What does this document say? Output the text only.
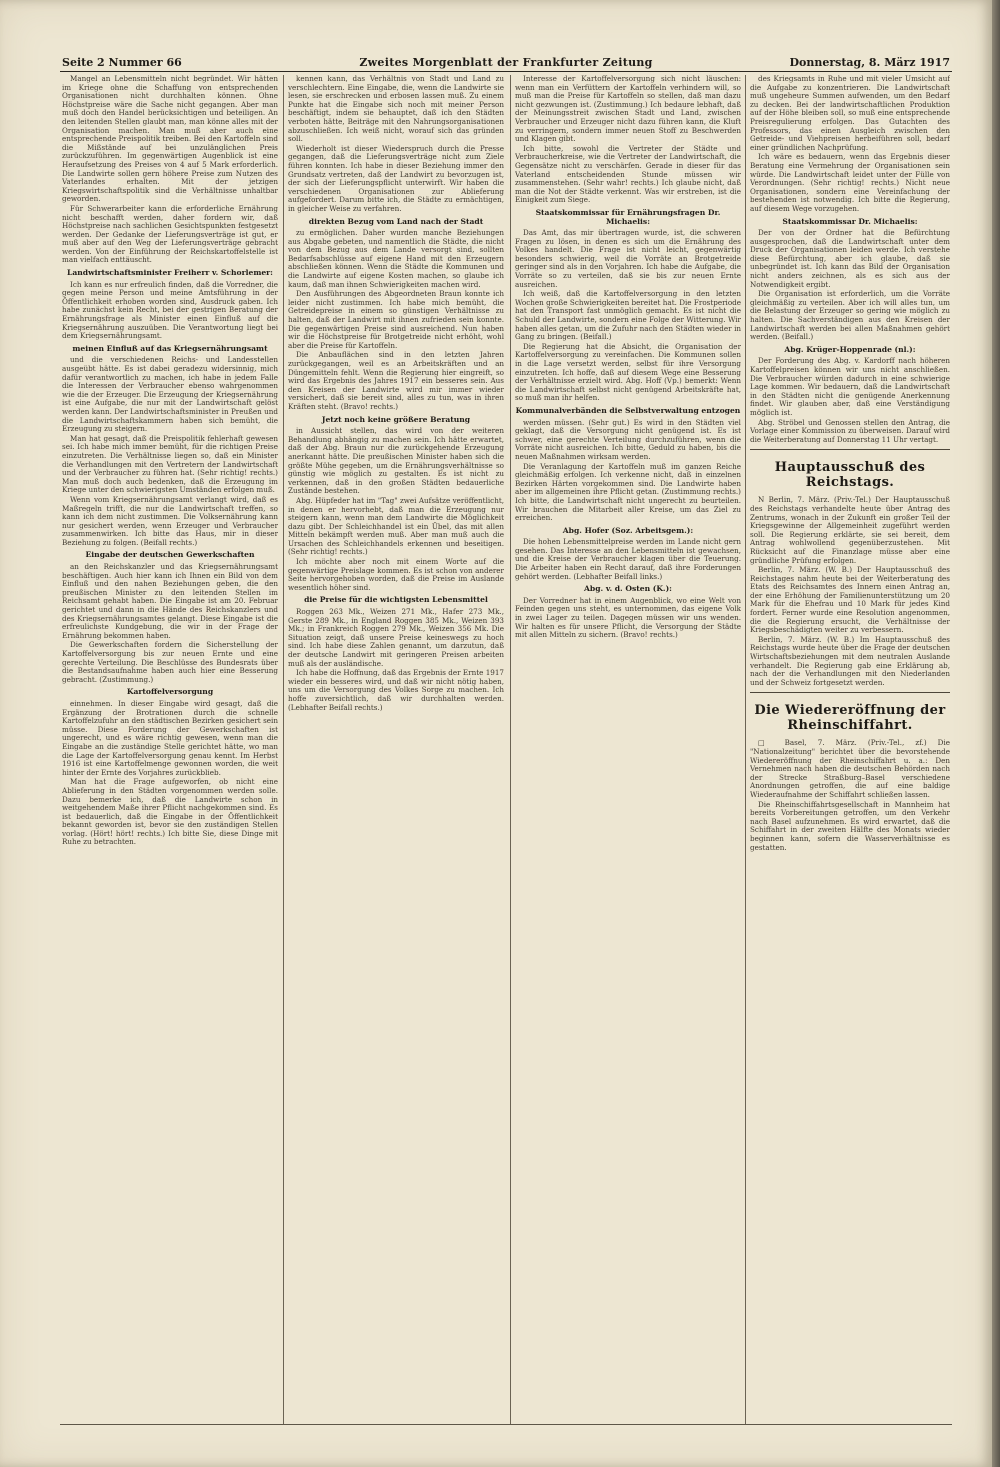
Seite 2 Nummer 66	Zweites Morgenblatt der Frankfurter Zeitung	Donnerstag, 8. März 1917
Mangel an Lebensmitteln nicht begründet. Wir hätten im Kriege ohne die Schaffung von entsprechenden Organisationen nicht durchhalten können. Ohne Höchstpreise wäre die Sache nicht gegangen. Aber man muß doch den Handel berücksichtigen und beteiligen. An den leitenden Stellen glaubt man, man könne alles mit der Organisation machen. Man muß aber auch eine entsprechende Preispolitik treiben. Bei den Kartoffeln sind die Mißstände auf bei unzulänglichen Preis zurückzuführen. Im gegenwärtigen Augenblick ist eine Heraufsetzung des Preises von 4 auf 5 Mark erforderlich. Die Landwirte sollen gern höhere Preise zum Nutzen des Vaterlandes erhalten. Mit der jetzigen Kriegswirtschaftspolitik sind die Verhältnisse unhaltbar geworden.
Für Schwerarbeiter kann die erforderliche Ernährung nicht beschafft werden, daher fordern wir, daß Höchstpreise nach sachlichen Gesichtspunkten festgesetzt werden. Der Gedanke der Lieferungsverträge ist gut, er muß aber auf den Weg der Lieferungsverträge gebracht werden. Von der Einführung der Reichskartoffelstelle ist man vielfach enttäuscht.
Landwirtschaftsminister Freiherr v. Schorlemer:
Ich kann es nur erfreulich finden, daß die Vorredner, die gegen meine Person und meine Amtsführung in der Öffentlichkeit erhoben worden sind, Ausdruck gaben. Ich habe zunächst kein Recht, bei der gestrigen Beratung der Ernährungsfrage als Minister einen Einfluß auf die Kriegsernährung auszuüben. Die Verantwortung liegt bei dem Kriegsernährungsamt.
meinen Einfluß auf das Kriegsernährungsamt
und die verschiedenen Reichs- und Landesstellen ausgeübt hätte. Es ist dabei geradezu widersinnig, mich dafür verantwortlich zu machen, ich habe in jedem Falle die Interessen der Verbraucher ebenso wahrgenommen wie die der Erzeuger. Die Erzeugung der Kriegsernährung ist eine Aufgabe, die nur mit der Landwirtschaft gelöst werden kann. Der Landwirtschaftsminister in Preußen und die Landwirtschaftskammern haben sich bemüht, die Erzeugung zu steigern.
Man hat gesagt, daß die Preispolitik fehlerhaft gewesen sei. Ich habe mich immer bemüht, für die richtigen Preise einzutreten. Die Verhältnisse liegen so, daß ein Minister die Verhandlungen mit den Vertretern der Landwirtschaft und der Verbraucher zu führen hat. (Sehr richtig! rechts.) Man muß doch auch bedenken, daß die Erzeugung im Kriege unter den schwierigsten Umständen erfolgen muß.
Wenn vom Kriegsernährungsamt verlangt wird, daß es Maßregeln trifft, die nur die Landwirtschaft treffen, so kann ich dem nicht zustimmen. Die Volksernährung kann nur gesichert werden, wenn Erzeuger und Verbraucher zusammenwirken. Ich bitte das Haus, mir in dieser Beziehung zu folgen. (Beifall rechts.)
Eingabe der deutschen Gewerkschaften
an den Reichskanzler und das Kriegsernährungsamt beschäftigen. Auch hier kann ich Ihnen ein Bild von dem Einfluß und den nahen Beziehungen geben, die den preußischen Minister zu den leitenden Stellen im Reichsamt gehabt haben. Die Eingabe ist am 20. Februar gerichtet und dann in die Hände des Reichskanzlers und des Kriegsernährungsamtes gelangt. Diese Eingabe ist die erfreulichste Kundgebung, die wir in der Frage der Ernährung bekommen haben.
Die Gewerkschaften fordern die Sicherstellung der Kartoffelversorgung bis zur neuen Ernte und eine gerechte Verteilung. Die Beschlüsse des Bundesrats über die Bestandsaufnahme haben auch hier eine Besserung gebracht. (Zustimmung.)
Kartoffelversorgung
einnehmen. In dieser Eingabe wird gesagt, daß die Ergänzung der Brotrationen durch die schnelle Kartoffelzufuhr an den städtischen Bezirken gesichert sein müsse. Diese Forderung der Gewerkschaften ist ungerecht, und es wäre richtig gewesen, wenn man die Eingabe an die zuständige Stelle gerichtet hätte, wo man die Lage der Kartoffelversorgung genau kennt. Im Herbst 1916 ist eine Kartoffelmenge gewonnen worden, die weit hinter der Ernte des Vorjahres zurückblieb.
Man hat die Frage aufgeworfen, ob nicht eine Ablieferung in den Städten vorgenommen werden solle. Dazu bemerke ich, daß die Landwirte schon in weitgehendem Maße ihrer Pflicht nachgekommen sind. Es ist bedauerlich, daß die Eingabe in der Öffentlichkeit bekannt geworden ist, bevor sie den zuständigen Stellen vorlag. (Hört! hört! rechts.) Ich bitte Sie, diese Dinge mit Ruhe zu betrachten.
kennen kann, das Verhältnis von Stadt und Land zu verschlechtern. Eine Eingabe, die, wenn die Landwirte sie lesen, sie erschrecken und erbosen lassen muß. Zu einem Punkte hat die Eingabe sich noch mit meiner Person beschäftigt, indem sie behauptet, daß ich den Städten verboten hätte, Beiträge mit den Nahrungsorganisationen abzuschließen. Ich weiß nicht, worauf sich das gründen soll.
Wiederholt ist dieser Wiederspruch durch die Presse gegangen, daß die Lieferungsverträge nicht zum Ziele führen konnten. Ich habe in dieser Beziehung immer den Grundsatz vertreten, daß der Landwirt zu bevorzugen ist, der sich der Lieferungspflicht unterwirft. Wir haben die verschiedenen Organisationen zur Ablieferung aufgefordert. Darum bitte ich, die Städte zu ermächtigen, in gleicher Weise zu verfahren.
direkten Bezug vom Land nach der Stadt
zu ermöglichen. Daher wurden manche Beziehungen aus Abgabe gebeten, und namentlich die Städte, die nicht von dem Bezug aus dem Lande versorgt sind, sollten Bedarfsabschlüsse auf eigene Hand mit den Erzeugern abschließen können. Wenn die Städte die Kommunen und die Landwirte auf eigene Kosten machen, so glaube ich kaum, daß man ihnen Schwierigkeiten machen wird.
Den Ausführungen des Abgeordneten Braun konnte ich leider nicht zustimmen. Ich habe mich bemüht, die Getreidepreise in einem so günstigen Verhältnisse zu halten, daß der Landwirt mit ihnen zufrieden sein konnte. Die gegenwärtigen Preise sind ausreichend. Nun haben wir die Höchstpreise für Brotgetreide nicht erhöht, wohl aber die Preise für Kartoffeln.
Die Anbauflächen sind in den letzten Jahren zurückgegangen, weil es an Arbeitskräften und an Düngemitteln fehlt. Wenn die Regierung hier eingreift, so wird das Ergebnis des Jahres 1917 ein besseres sein. Aus den Kreisen der Landwirte wird mir immer wieder versichert, daß sie bereit sind, alles zu tun, was in ihren Kräften steht. (Bravo! rechts.)
Jetzt noch keine größere Beratung
in Aussicht stellen, das wird von der weiteren Behandlung abhängig zu machen sein. Ich hätte erwartet, daß der Abg. Braun nur die zurückgehende Erzeugung anerkannt hätte. Die preußischen Minister haben sich die größte Mühe gegeben, um die Ernährungsverhältnisse so günstig wie möglich zu gestalten. Es ist nicht zu verkennen, daß in den großen Städten bedauerliche Zustände bestehen.
Abg. Hüpfeder hat im "Tag" zwei Aufsätze veröffentlicht, in denen er hervorhebt, daß man die Erzeugung nur steigern kann, wenn man dem Landwirte die Möglichkeit dazu gibt. Der Schleichhandel ist ein Übel, das mit allen Mitteln bekämpft werden muß. Aber man muß auch die Ursachen des Schleichhandels erkennen und beseitigen. (Sehr richtig! rechts.)
Ich möchte aber noch mit einem Worte auf die gegenwärtige Preislage kommen. Es ist schon von anderer Seite hervorgehoben worden, daß die Preise im Auslande wesentlich höher sind.
die Preise für die wichtigsten Lebensmittel
Roggen 263 Mk., Weizen 271 Mk., Hafer 273 Mk., Gerste 289 Mk., in England Roggen 385 Mk., Weizen 393 Mk.; in Frankreich Roggen 279 Mk., Weizen 356 Mk. Die Situation zeigt, daß unsere Preise keineswegs zu hoch sind. Ich habe diese Zahlen genannt, um darzutun, daß der deutsche Landwirt mit geringeren Preisen arbeiten muß als der ausländische.
Ich habe die Hoffnung, daß das Ergebnis der Ernte 1917 wieder ein besseres wird, und daß wir nicht nötig haben, uns um die Versorgung des Volkes Sorge zu machen. Ich hoffe zuversichtlich, daß wir durchhalten werden. (Lebhafter Beifall rechts.)
Interesse der Kartoffelversorgung sich nicht läuschen: wenn man ein Verfüttern der Kartoffeln verhindern will, so muß man die Preise für Kartoffeln so stellen, daß man dazu nicht gezwungen ist. (Zustimmung.) Ich bedaure lebhaft, daß der Meinungsstreit zwischen Stadt und Land, zwischen Verbraucher und Erzeuger nicht dazu führen kann, die Kluft zu verringern, sondern immer neuen Stoff zu Beschwerden und Klagen gibt.
Ich bitte, sowohl die Vertreter der Städte und Verbraucherkreise, wie die Vertreter der Landwirtschaft, die Gegensätze nicht zu verschärfen. Gerade in dieser für das Vaterland entscheidenden Stunde müssen wir zusammenstehen. (Sehr wahr! rechts.) Ich glaube nicht, daß man die Not der Städte verkennt. Was wir erstreben, ist die Einigkeit zum Siege.
Staatskommissar für Ernährungsfragen Dr. Michaelis:
Das Amt, das mir übertragen wurde, ist, die schweren Fragen zu lösen, in denen es sich um die Ernährung des Volkes handelt. Die Frage ist nicht leicht, gegenwärtig besonders schwierig, weil die Vorräte an Brotgetreide geringer sind als in den Vorjahren. Ich habe die Aufgabe, die Vorräte so zu verteilen, daß sie bis zur neuen Ernte ausreichen.
Ich weiß, daß die Kartoffelversorgung in den letzten Wochen große Schwierigkeiten bereitet hat. Die Frostperiode hat den Transport fast unmöglich gemacht. Es ist nicht die Schuld der Landwirte, sondern eine Folge der Witterung. Wir haben alles getan, um die Zufuhr nach den Städten wieder in Gang zu bringen. (Beifall.)
Die Regierung hat die Absicht, die Organisation der Kartoffelversorgung zu vereinfachen. Die Kommunen sollen in die Lage versetzt werden, selbst für ihre Versorgung einzutreten. Ich hoffe, daß auf diesem Wege eine Besserung der Verhältnisse erzielt wird. Abg. Hoff (Vp.) bemerkt: Wenn die Landwirtschaft selbst nicht genügend Arbeitskräfte hat, so muß man ihr helfen.
Kommunalverbänden die Selbstverwaltung entzogen
werden müssen. (Sehr gut.) Es wird in den Städten viel geklagt, daß die Versorgung nicht genügend ist. Es ist schwer, eine gerechte Verteilung durchzuführen, wenn die Vorräte nicht ausreichen. Ich bitte, Geduld zu haben, bis die neuen Maßnahmen wirksam werden.
Die Veranlagung der Kartoffeln muß im ganzen Reiche gleichmäßig erfolgen. Ich verkenne nicht, daß in einzelnen Bezirken Härten vorgekommen sind. Die Landwirte haben aber im allgemeinen ihre Pflicht getan. (Zustimmung rechts.) Ich bitte, die Landwirtschaft nicht ungerecht zu beurteilen. Wir brauchen die Mitarbeit aller Kreise, um das Ziel zu erreichen.
Abg. Hofer (Soz. Arbeitsgem.):
Die hohen Lebensmittelpreise werden im Lande nicht gern gesehen. Das Interesse an den Lebensmitteln ist gewachsen, und die Kreise der Verbraucher klagen über die Teuerung. Die Arbeiter haben ein Recht darauf, daß ihre Forderungen gehört werden. (Lebhafter Beifall links.)
Abg. v. d. Osten (K.):
Der Vorredner hat in einem Augenblick, wo eine Welt von Feinden gegen uns steht, es unternommen, das eigene Volk in zwei Lager zu teilen. Dagegen müssen wir uns wenden. Wir halten es für unsere Pflicht, die Versorgung der Städte mit allen Mitteln zu sichern. (Bravo! rechts.)
des Kriegsamts in Ruhe und mit vieler Umsicht auf die Aufgabe zu konzentrieren. Die Landwirtschaft muß ungeheure Summen aufwenden, um den Bedarf zu decken. Bei der landwirtschaftlichen Produktion auf der Höhe bleiben soll, so muß eine entsprechende Preisregulierung erfolgen. Das Gutachten des Professors, das einen Ausgleich zwischen den Getreide- und Viehpreisen herbeiführen soll, bedarf einer gründlichen Nachprüfung.
Ich wäre es bedauern, wenn das Ergebnis dieser Beratung eine Vermehrung der Organisationen sein würde. Die Landwirtschaft leidet unter der Fülle von Verordnungen. (Sehr richtig! rechts.) Nicht neue Organisationen, sondern eine Vereinfachung der bestehenden ist notwendig. Ich bitte die Regierung, auf diesem Wege vorzugehen.
Staatskommissar Dr. Michaelis:
Der von der Ordner hat die Befürchtung ausgesprochen, daß die Landwirtschaft unter dem Druck der Organisationen leiden werde. Ich verstehe diese Befürchtung, aber ich glaube, daß sie unbegründet ist. Ich kann das Bild der Organisation nicht anders zeichnen, als es sich aus der Notwendigkeit ergibt.
Die Organisation ist erforderlich, um die Vorräte gleichmäßig zu verteilen. Aber ich will alles tun, um die Belastung der Erzeuger so gering wie möglich zu halten. Die Sachverständigen aus den Kreisen der Landwirtschaft werden bei allen Maßnahmen gehört werden. (Beifall.)
Abg. Krüger-Hoppenrade (nl.):
Der Forderung des Abg. v. Kardorff nach höheren Kartoffelpreisen können wir uns nicht anschließen. Die Verbraucher würden dadurch in eine schwierige Lage kommen. Wir bedauern, daß die Landwirtschaft in den Städten nicht die genügende Anerkennung findet. Wir glauben aber, daß eine Verständigung möglich ist.
Abg. Ströbel und Genossen stellen den Antrag, die Vorlage einer Kommission zu überweisen. Darauf wird die Weiterberatung auf Donnerstag 11 Uhr vertagt.
Hauptausschuß des Reichstags.
N Berlin, 7. März. (Priv.-Tel.) Der Hauptausschuß des Reichstags verhandelte heute über Antrag des Zentrums, wonach in der Zukunft ein großer Teil der Kriegsgewinne der Allgemeinheit zugeführt werden soll. Die Regierung erklärte, sie sei bereit, dem Antrag wohlwollend gegenüberzustehen. Mit Rücksicht auf die Finanzlage müsse aber eine gründliche Prüfung erfolgen.
Berlin, 7. März. (W. B.) Der Hauptausschuß des Reichstages nahm heute bei der Weiterberatung des Etats des Reichsamtes des Innern einen Antrag an, der eine Erhöhung der Familienunterstützung um 20 Mark für die Ehefrau und 10 Mark für jedes Kind fordert. Ferner wurde eine Resolution angenommen, die die Regierung ersucht, die Verhältnisse der Kriegsbeschädigten weiter zu verbessern.
Berlin, 7. März. (W. B.) Im Hauptausschuß des Reichstags wurde heute über die Frage der deutschen Wirtschaftsbeziehungen mit dem neutralen Auslande verhandelt. Die Regierung gab eine Erklärung ab, nach der die Verhandlungen mit den Niederlanden und der Schweiz fortgesetzt werden.
Die Wiedereröffnung der Rheinschiffahrt.
□ Basel, 7. März. (Priv.-Tel., zf.) Die "Nationalzeitung" berichtet über die bevorstehende Wiedereröffnung der Rheinschiffahrt u. a.: Den Vernehmen nach haben die deutschen Behörden nach der Strecke Straßburg–Basel verschiedene Anordnungen getroffen, die auf eine baldige Wiederaufnahme der Schiffahrt schließen lassen.
Die Rheinschiffahrtsgesellschaft in Mannheim hat bereits Vorbereitungen getroffen, um den Verkehr nach Basel aufzunehmen. Es wird erwartet, daß die Schiffahrt in der zweiten Hälfte des Monats wieder beginnen kann, sofern die Wasserverhältnisse es gestatten.
